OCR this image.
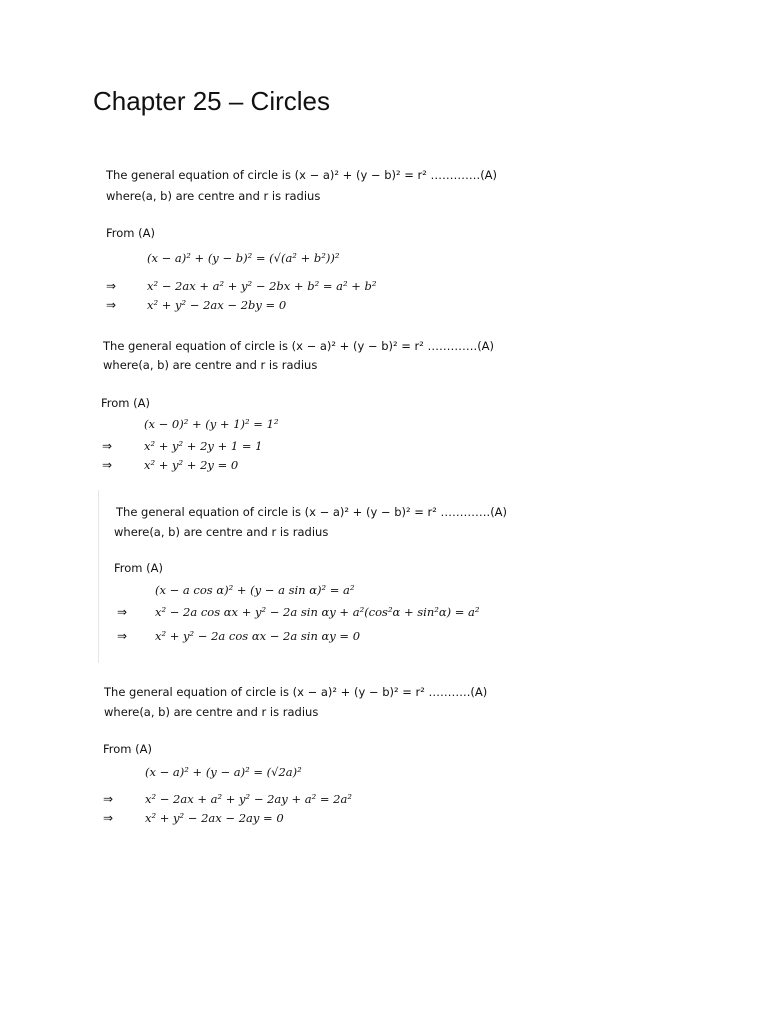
Chapter 25 – Circles
The general equation of circle is (x − a)² + (y − b)² = r² ………….(A)
where(a, b) are centre and r is radius
From (A)
(x − a)² + (y − b)² = (√(a² + b²))²
⇒	x² − 2ax + a² + y² − 2bx + b² = a² + b²
⇒	x² + y² − 2ax − 2by = 0
The general equation of circle is (x − a)² + (y − b)² = r² ………….(A)
where(a, b) are centre and r is radius
From (A)
(x − 0)² + (y + 1)² = 1²
⇒	x² + y² + 2y + 1 = 1
⇒	x² + y² + 2y = 0
The general equation of circle is (x − a)² + (y − b)² = r² ………….(A)
where(a, b) are centre and r is radius
From (A)
(x − a cos α)² + (y − a sin α)² = a²
⇒ x² − 2a cos αx + y² − 2a sin αy + a²(cos²α + sin²α) = a²
⇒ x² + y² − 2a cos αx − 2a sin αy = 0
The general equation of circle is (x − a)² + (y − b)² = r² ………..(A)
where(a, b) are centre and r is radius
From (A)
(x − a)² + (y − a)² = (√2a)²
⇒	x² − 2ax + a² + y² − 2ay + a² = 2a²
⇒	x² + y² − 2ax − 2ay = 0
